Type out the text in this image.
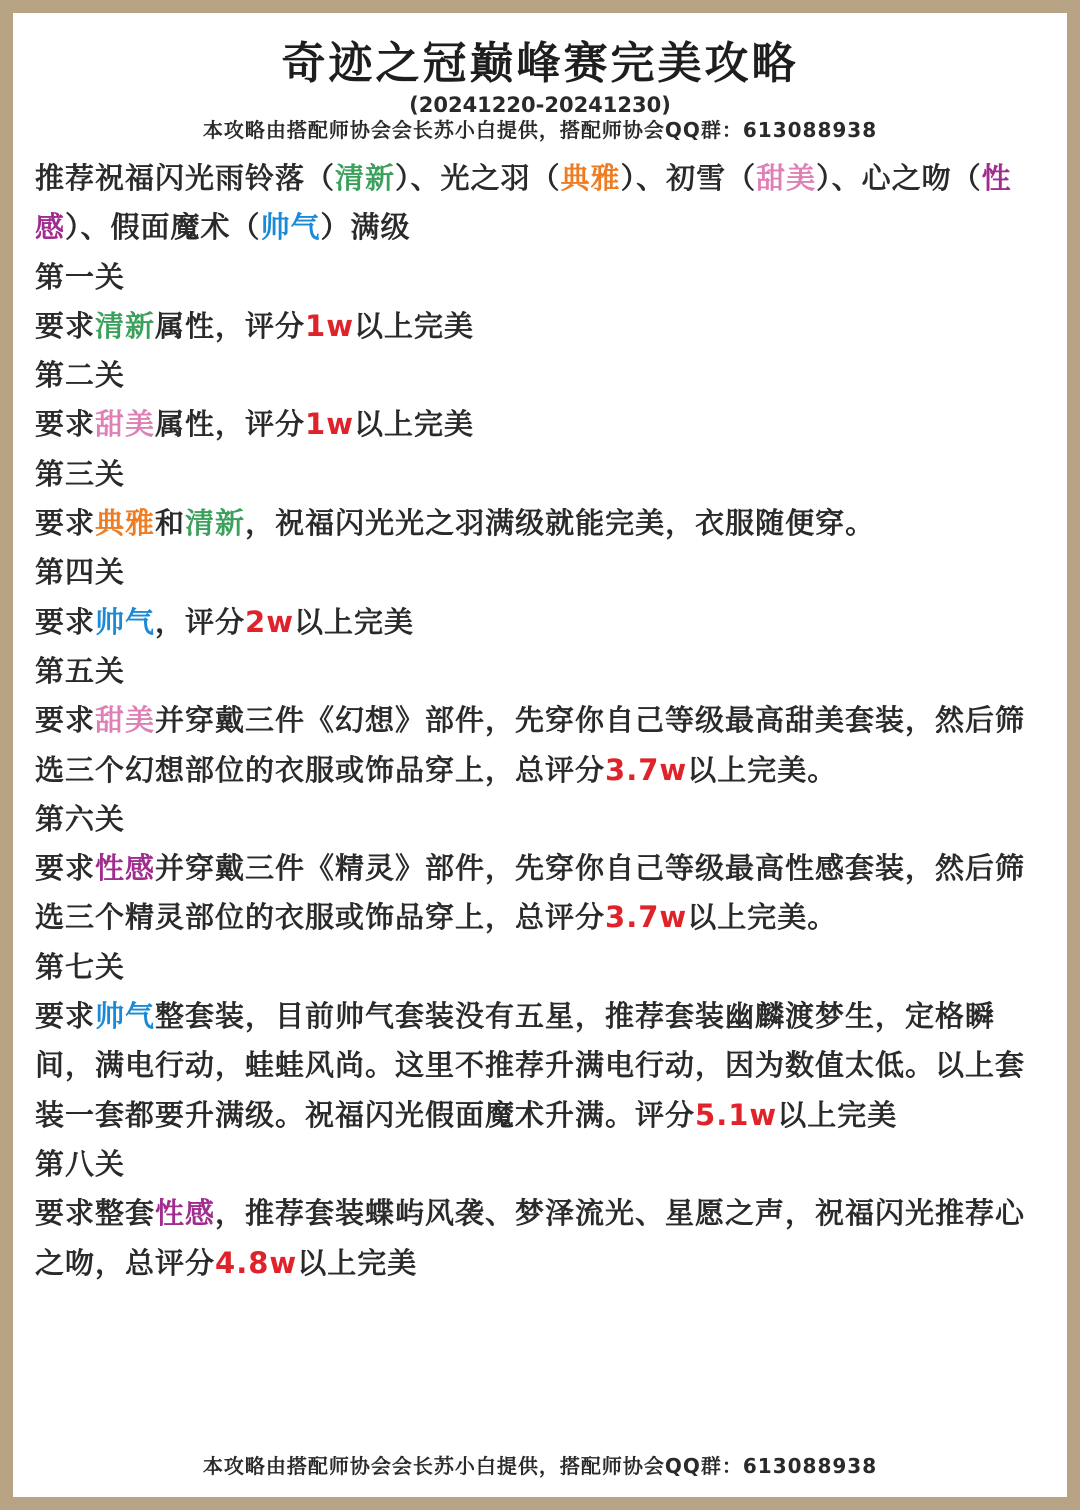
奇迹之冠巅峰赛完美攻略
(20241220-20241230)
本攻略由搭配师协会会长苏小白提供，搭配师协会QQ群：613088938

推荐祝福闪光雨铃落（清新）、光之羽（典雅）、初雪（甜美）、心之吻（性感）、假面魔术（帅气）满级

第一关

要求清新属性，评分1w以上完美

第二关

要求甜美属性，评分1w以上完美

第三关

要求典雅和清新，祝福闪光光之羽满级就能完美，衣服随便穿。

第四关

要求帅气，评分2w以上完美

第五关

要求甜美并穿戴三件《幻想》部件，先穿你自己等级最高甜美套装，然后筛选三个幻想部位的衣服或饰品穿上，总评分3.7w以上完美。

第六关

要求性感并穿戴三件《精灵》部件，先穿你自己等级最高性感套装，然后筛选三个精灵部位的衣服或饰品穿上，总评分3.7w以上完美。

第七关

要求帅气整套装，目前帅气套装没有五星，推荐套装幽麟渡梦生，定格瞬间，满电行动，蛙蛙风尚。这里不推荐升满电行动，因为数值太低。以上套装一套都要升满级。祝福闪光假面魔术升满。评分5.1w以上完美

第八关

要求整套性感，推荐套装蝶屿风袭、梦泽流光、星愿之声，祝福闪光推荐心之吻，总评分4.8w以上完美

本攻略由搭配师协会会长苏小白提供，搭配师协会QQ群：613088938
